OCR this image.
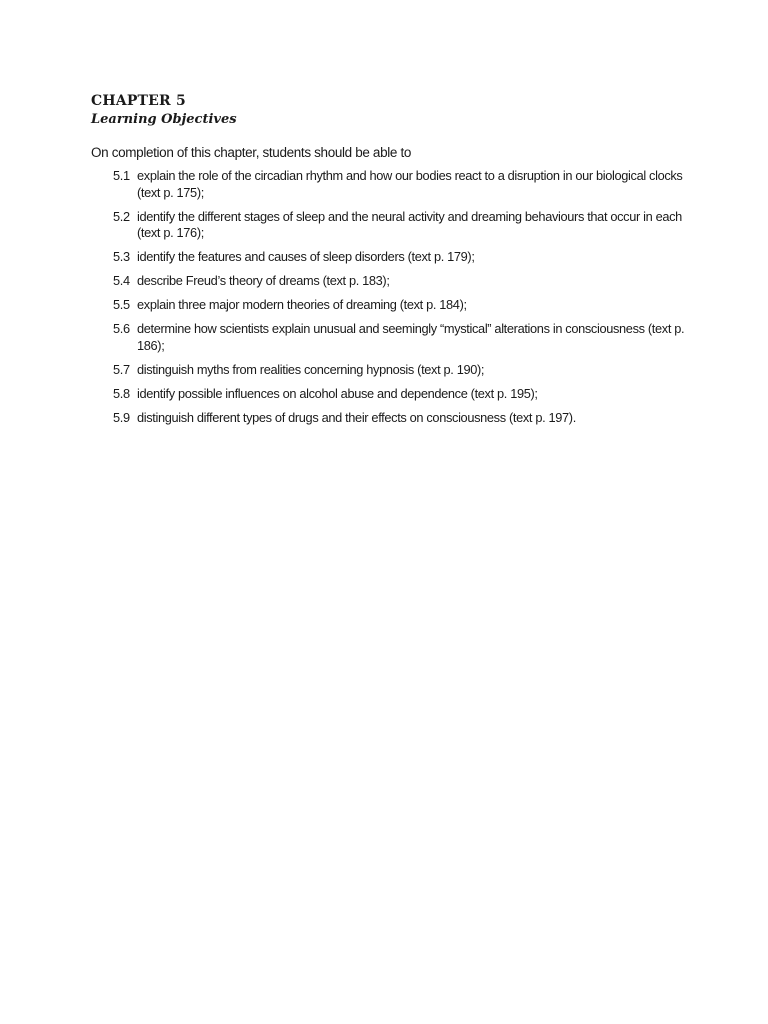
CHAPTER 5
Learning Objectives

On completion of this chapter, students should be able to

5.1 explain the role of the circadian rhythm and how our bodies react to a disruption in our biological clocks (text p. 175);
5.2 identify the different stages of sleep and the neural activity and dreaming behaviours that occur in each (text p. 176);
5.3 identify the features and causes of sleep disorders (text p. 179);
5.4 describe Freud’s theory of dreams (text p. 183);
5.5 explain three major modern theories of dreaming (text p. 184);
5.6 determine how scientists explain unusual and seemingly “mystical” alterations in consciousness (text p. 186);
5.7 distinguish myths from realities concerning hypnosis (text p. 190);
5.8 identify possible influences on alcohol abuse and dependence (text p. 195);
5.9 distinguish different types of drugs and their effects on consciousness (text p. 197).
